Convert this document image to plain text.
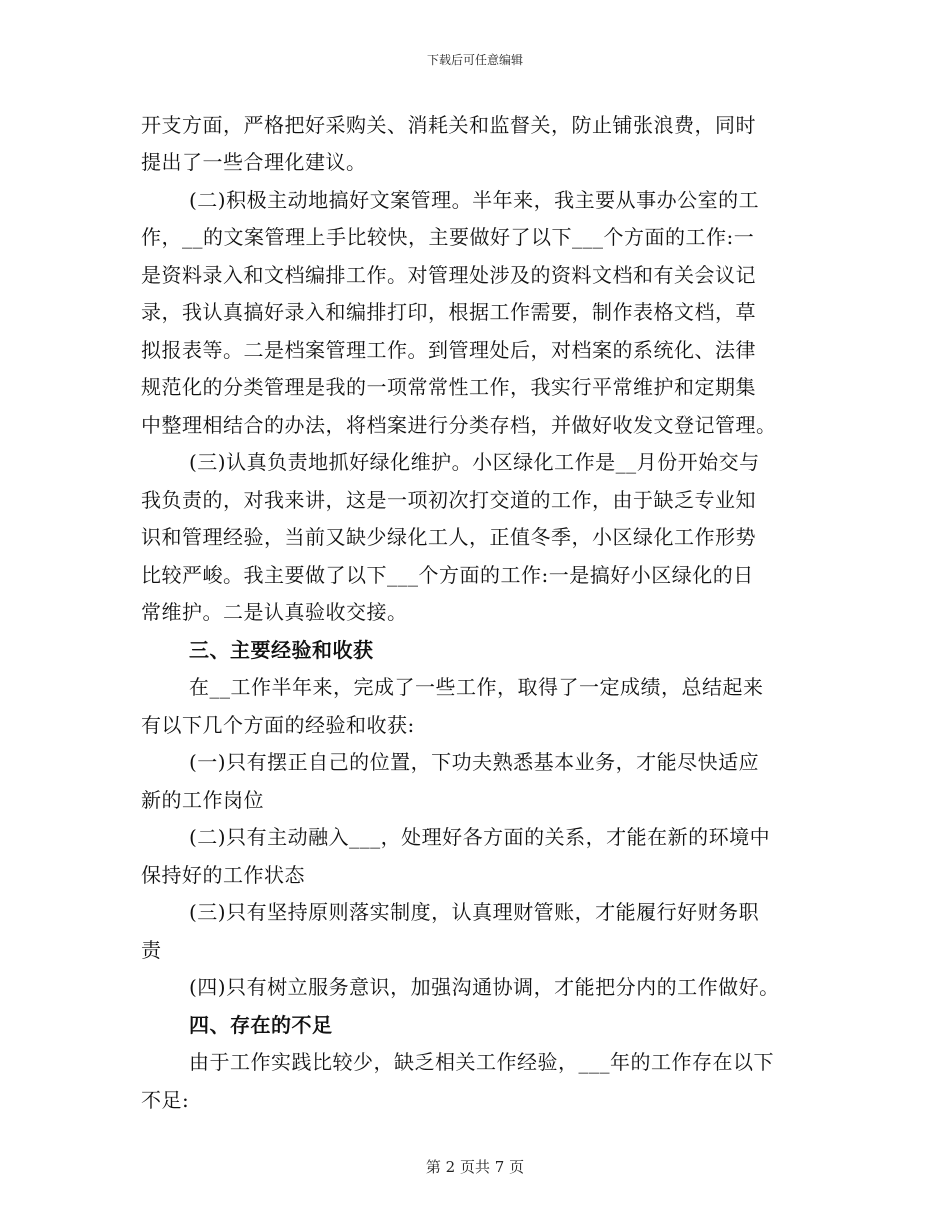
下载后可任意编辑
开支方面，严格把好采购关、消耗关和监督关，防止铺张浪费，同时
提出了一些合理化建议。
(二)积极主动地搞好文案管理。半年来，我主要从事办公室的工
作，__的文案管理上手比较快，主要做好了以下___个方面的工作:一
是资料录入和文档编排工作。对管理处涉及的资料文档和有关会议记
录，我认真搞好录入和编排打印，根据工作需要，制作表格文档，草
拟报表等。二是档案管理工作。到管理处后，对档案的系统化、法律
规范化的分类管理是我的一项常常性工作，我实行平常维护和定期集
中整理相结合的办法，将档案进行分类存档，并做好收发文登记管理。
(三)认真负责地抓好绿化维护。小区绿化工作是__月份开始交与
我负责的，对我来讲，这是一项初次打交道的工作，由于缺乏专业知
识和管理经验，当前又缺少绿化工人，正值冬季，小区绿化工作形势
比较严峻。我主要做了以下___个方面的工作:一是搞好小区绿化的日
常维护。二是认真验收交接。
三、主要经验和收获
在__工作半年来，完成了一些工作，取得了一定成绩，总结起来
有以下几个方面的经验和收获:
(一)只有摆正自己的位置，下功夫熟悉基本业务，才能尽快适应
新的工作岗位
(二)只有主动融入___，处理好各方面的关系，才能在新的环境中
保持好的工作状态
(三)只有坚持原则落实制度，认真理财管账，才能履行好财务职
责
(四)只有树立服务意识，加强沟通协调，才能把分内的工作做好。
四、存在的不足
由于工作实践比较少，缺乏相关工作经验，___年的工作存在以下
不足:
第 2 页共 7 页
